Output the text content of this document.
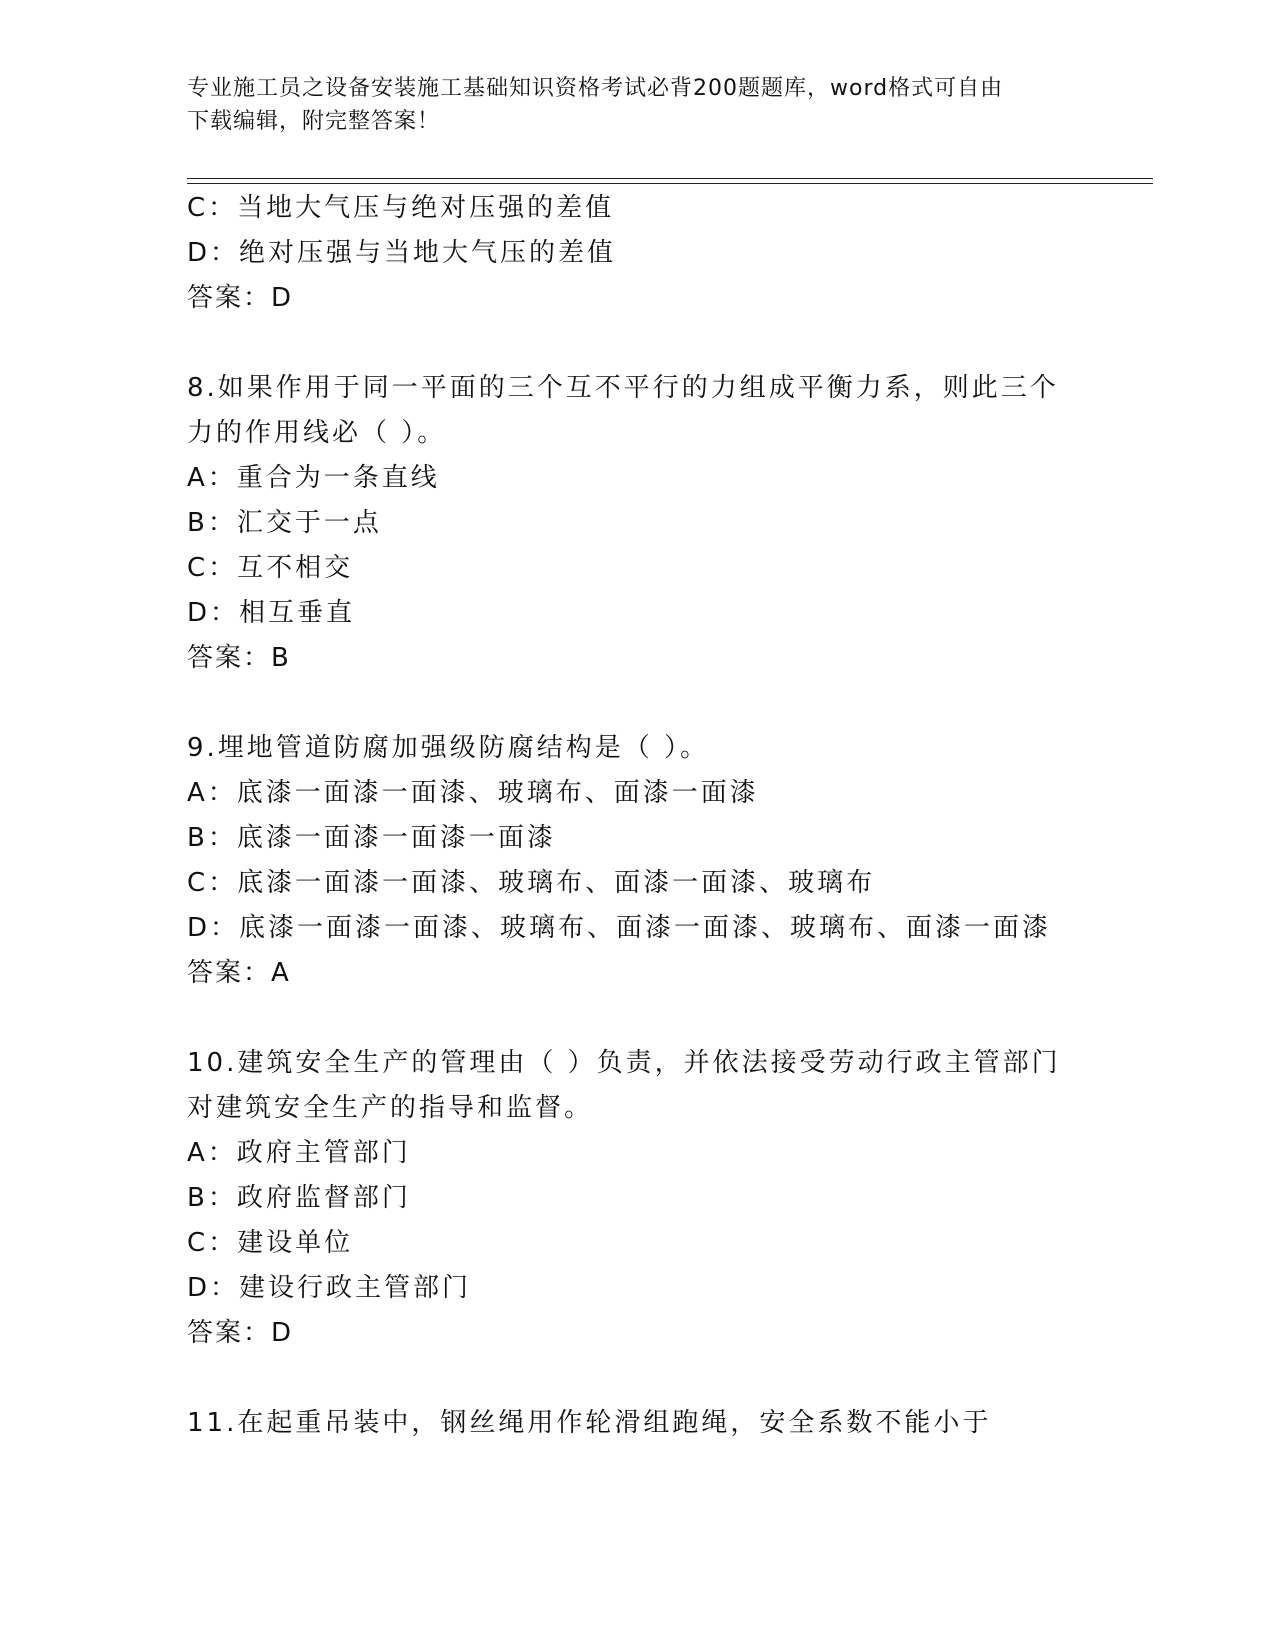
专业施工员之设备安装施工基础知识资格考试必背200题题库，word格式可自由
下载编辑，附完整答案！
C：当地大气压与绝对压强的差值
D：绝对压强与当地大气压的差值
答案：D
8.如果作用于同一平面的三个互不平行的力组成平衡力系，则此三个
力的作用线必（ ）。
A：重合为一条直线
B：汇交于一点
C：互不相交
D：相互垂直
答案：B
9.埋地管道防腐加强级防腐结构是（ ）。
A：底漆一面漆一面漆、玻璃布、面漆一面漆
B：底漆一面漆一面漆一面漆
C：底漆一面漆一面漆、玻璃布、面漆一面漆、玻璃布
D：底漆一面漆一面漆、玻璃布、面漆一面漆、玻璃布、面漆一面漆
答案：A
10.建筑安全生产的管理由（ ）负责，并依法接受劳动行政主管部门
对建筑安全生产的指导和监督。
A：政府主管部门
B：政府监督部门
C：建设单位
D：建设行政主管部门
答案：D
11.在起重吊装中，钢丝绳用作轮滑组跑绳，安全系数不能小于
